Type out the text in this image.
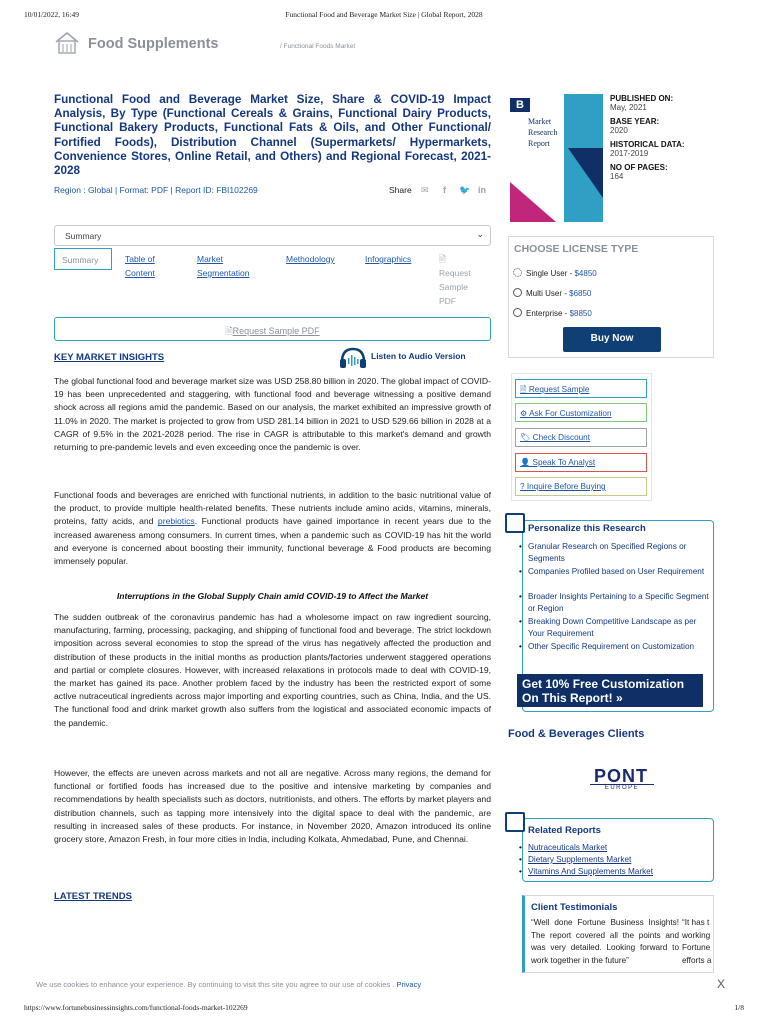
10/01/2022, 16:49	Functional Food and Beverage Market Size | Global Report, 2028
Food Supplements	/ Functional Foods Market
Functional Food and Beverage Market Size, Share & COVID-19 Impact Analysis, By Type (Functional Cereals & Grains, Functional Dairy Products, Functional Bakery Products, Functional Fats & Oils, and Other Functional/ Fortified Foods), Distribution Channel (Supermarkets/ Hypermarkets, Convenience Stores, Online Retail, and Others) and Regional Forecast, 2021-2028
Region : Global | Format: PDF | Report ID: FBI102269	Share ✉ f 🐦 in
B
Market
Research
Report
PUBLISHED ON:
May, 2021
BASE YEAR:
2020
HISTORICAL DATA:
2017-2019
NO OF PAGES:
164
Summary	⌄
Summary	Table of
Content
Market
Segmentation
Methodology	Infographics	🗎
Request
Sample
PDF
🗎Request Sample PDF
KEY MARKET INSIGHTS	Listen to Audio Version

The global functional food and beverage market size was USD 258.80 billion in 2020. The global impact of COVID-19 has been unprecedented and staggering, with functional food and beverage witnessing a positive demand shock across all regions amid the pandemic. Based on our analysis, the market exhibited an impressive growth of 11.0% in 2020. The market is projected to grow from USD 281.14 billion in 2021 to USD 529.66 billion in 2028 at a CAGR of 9.5% in the 2021-2028 period. The rise in CAGR is attributable to this market's demand and growth returning to pre-pandemic levels and even exceeding once the pandemic is over.

Functional foods and beverages are enriched with functional nutrients, in addition to the basic nutritional value of the product, to provide multiple health-related benefits. These nutrients include amino acids, vitamins, minerals, proteins, fatty acids, and prebiotics. Functional products have gained importance in recent years due to the increased awareness among consumers. In current times, when a pandemic such as COVID-19 has hit the world and everyone is concerned about boosting their immunity, functional beverage & Food products are becoming immensely popular.

Interruptions in the Global Supply Chain amid COVID-19 to Affect the Market

The sudden outbreak of the coronavirus pandemic has had a wholesome impact on raw ingredient sourcing, manufacturing, farming, processing, packaging, and shipping of functional food and beverage. The strict lockdown imposition across several economies to stop the spread of the virus has negatively affected the production and distribution of these products in the initial months as production plants/factories underwent staggered operations and partial or complete closures. However, with increased relaxations in protocols made to deal with COVID-19, the market has gained its pace. Another problem faced by the industry has been the restricted export of some active nutraceutical ingredients across major importing and exporting countries, such as China, India, and the US. The functional food and drink market growth also suffers from the logistical and associated economic impacts of the pandemic.

However, the effects are uneven across markets and not all are negative. Across many regions, the demand for functional or fortified foods has increased due to the positive and intensive marketing by companies and recommendations by health specialists such as doctors, nutritionists, and others. The efforts by market players and distribution channels, such as tapping more intensively into the digital space to deal with the pandemic, are resulting in increased sales of these products. For instance, in November 2020, Amazon introduced its online grocery store, Amazon Fresh, in four more cities in India, including Kolkata, Ahmedabad, Pune, and Chennai.

LATEST TRENDS
CHOOSE LICENSE TYPE
Single User - $4850
Multi User - $6850
Enterprise - $8850
Buy Now
🗎 Request Sample
⚙ Ask For Customization
🏷 Check Discount
👤 Speak To Analyst
? Inquire Before Buying
Personalize this Research
• Granular Research on Specified Regions or Segments
• Companies Profiled based on User Requirement
• Broader Insights Pertaining to a Specific Segment or Region
• Breaking Down Competitive Landscape as per Your Requirement
• Other Specific Requirement on Customization
Get 10% Free Customization
On This Report! »
Food & Beverages Clients
PONT
EUROPE
Related Reports
• Nutraceuticals Market
• Dietary Supplements Market
• Vitamins And Supplements Market
Client Testimonials
“Well done Fortune Business Insights! The report covered all the points and was very detailed. Looking forward to work together in the future”
“It has t
working
Fortune
efforts a
We use cookies to enhance your experience. By continuing to visit this site you agree to our use of cookies . Privacy	X
https://www.fortunebusinessinsights.com/functional-foods-market-102269	1/8
